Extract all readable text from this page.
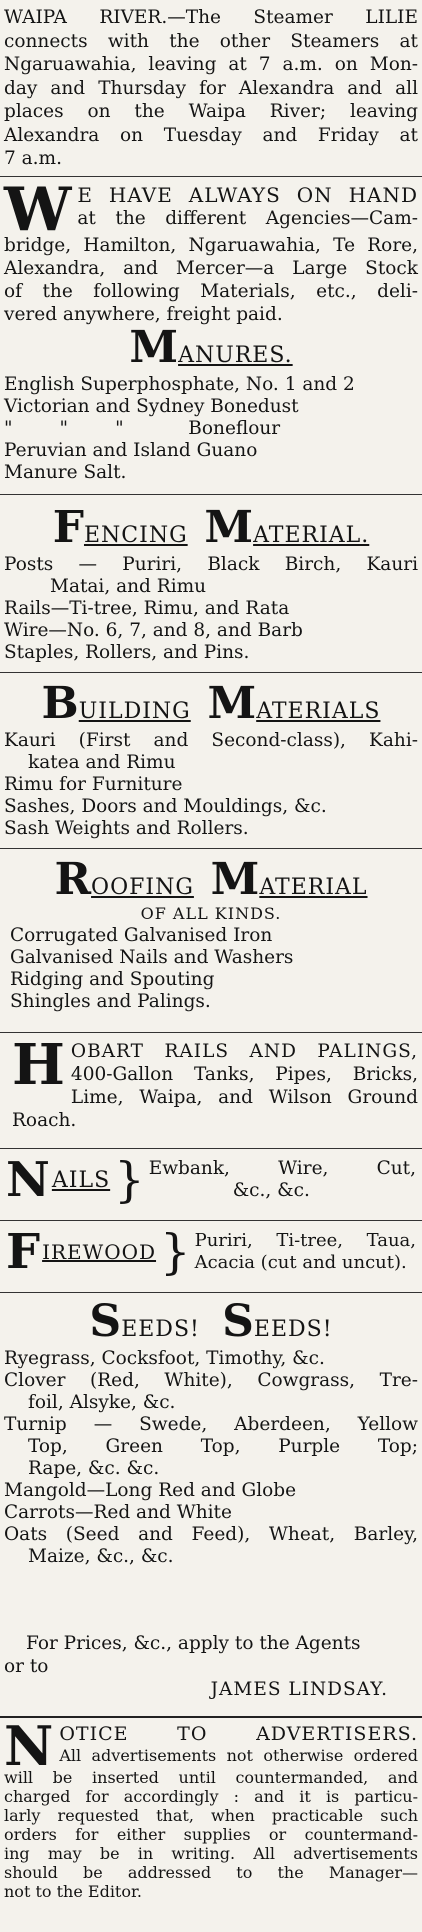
WAIPA RIVER.—The Steamer LILIE
connects with the other Steamers at
Ngaruawahia, leaving at 7 a.m. on Mon-
day and Thursday for Alexandra and all
places on the Waipa River; leaving
Alexandra on Tuesday and Friday at
7 a.m.
W E HAVE ALWAYS ON HAND
at the different Agencies—Cam-
bridge, Hamilton, Ngaruawahia, Te Rore,
Alexandra, and Mercer—a Large Stock
of the following Materials, etc., deli-
vered anywhere, freight paid.
MANURES.
English Superphosphate, No. 1 and 2
Victorian and Sydney Bonedust
"        "        "           Boneflour
Peruvian and Island Guano
Manure Salt.
FENCING MATERIAL.
Posts — Puriri, Black Birch, Kauri
Matai, and Rimu
Rails—Ti-tree, Rimu, and Rata
Wire—No. 6, 7, and 8, and Barb
Staples, Rollers, and Pins.
BUILDING MATERIALS
Kauri (First and Second-class), Kahi-
katea and Rimu
Rimu for Furniture
Sashes, Doors and Mouldings, &c.
Sash Weights and Rollers.
ROOFING MATERIAL
OF ALL KINDS.
Corrugated Galvanised Iron
Galvanised Nails and Washers
Ridging and Spouting
Shingles and Palings.
H OBART RAILS AND PALINGS,
400-Gallon Tanks, Pipes, Bricks,
Lime, Waipa, and Wilson Ground
Roach.
N AILS } Ewbank, Wire, Cut,
&c., &c.
F IREWOOD } Puriri, Ti-tree, Taua,
Acacia (cut and uncut).
SEEDS! SEEDS!
Ryegrass, Cocksfoot, Timothy, &c.
Clover (Red, White), Cowgrass, Tre-
foil, Alsyke, &c.
Turnip — Swede, Aberdeen, Yellow
Top, Green Top, Purple Top;
Rape, &c. &c.
Mangold—Long Red and Globe
Carrots—Red and White
Oats (Seed and Feed), Wheat, Barley,
Maize, &c., &c.
For Prices, &c., apply to the Agents
or to
JAMES LINDSAY.
N OTICE TO ADVERTISERS.
All advertisements not otherwise ordered
will be inserted until countermanded, and
charged for accordingly : and it is particu-
larly requested that, when practicable such
orders for either supplies or countermand-
ing may be in writing. All advertisements
should be addressed to the Manager—
not to the Editor.
